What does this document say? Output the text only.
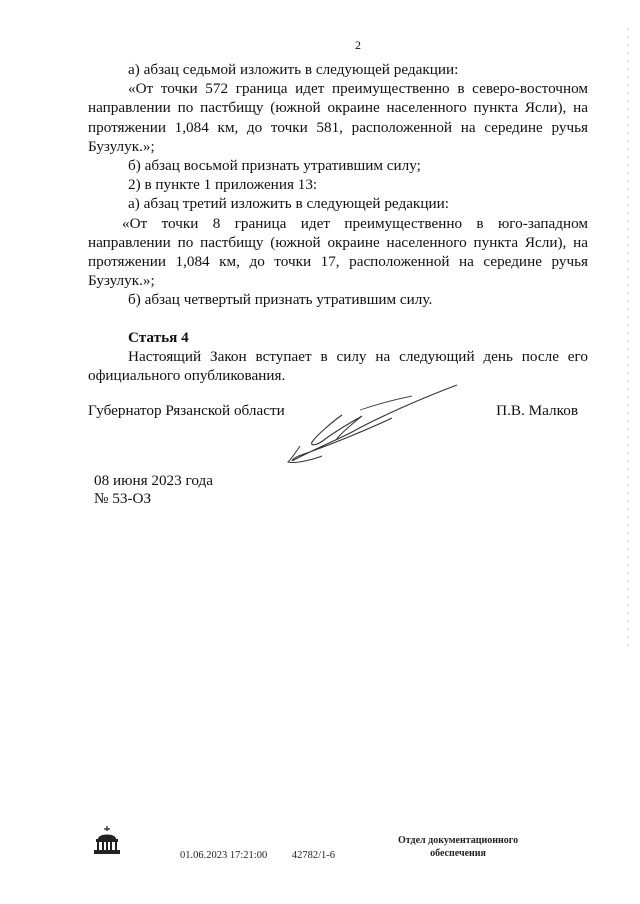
2

а) абзац седьмой изложить в следующей редакции:

«От точки 572 граница идет преимущественно в северо-восточном направлении по пастбищу (южной окраине населенного пункта Ясли), на протяжении 1,084 км, до точки 581, расположенной на середине ручья Бузулук.»;

б) абзац восьмой признать утратившим силу;

2) в пункте 1 приложения 13:

а) абзац третий изложить в следующей редакции:

«От точки 8 граница идет преимущественно в юго-западном направлении по пастбищу (южной окраине населенного пункта Ясли), на протяжении 1,084 км, до точки 17, расположенной на середине ручья Бузулук.»;

б) абзац четвертый признать утратившим силу.

Статья 4

Настоящий Закон вступает в силу на следующий день после его официального опубликования.

Губернатор Рязанской области	П.В. Малков
08 июня 2023 года
№ 53-ОЗ
01.06.2023 17:21:00 42782/1-6
Отдел документационного
обеспечения
